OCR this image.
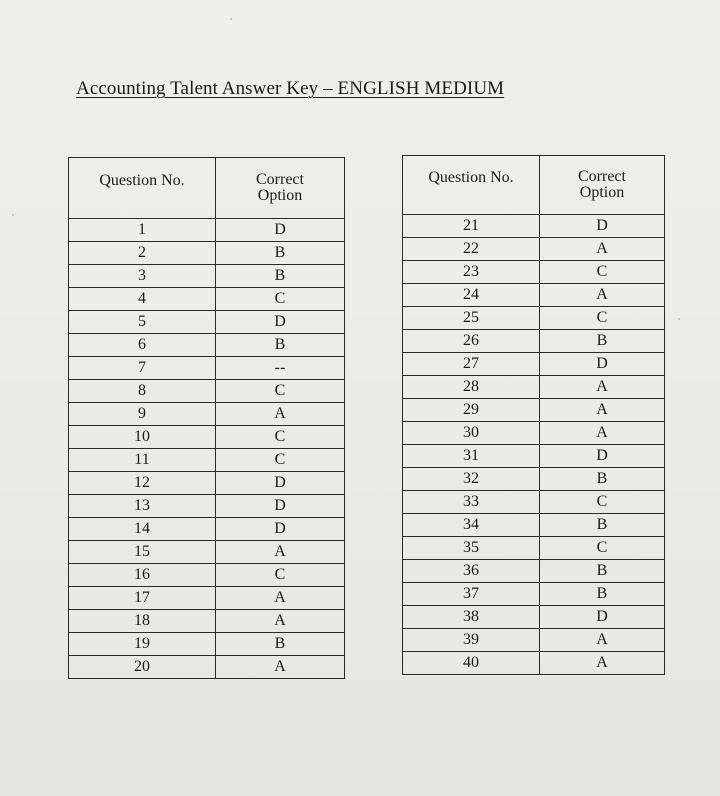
Accounting Talent Answer Key – ENGLISH MEDIUM
Question No.	Correct
Option
1	D
2	B
3	B
4	C
5	D
6	B
7	--
8	C
9	A
10	C
11	C
12	D
13	D
14	D
15	A
16	C
17	A
18	A
19	B
20	A
Question No.	Correct
Option
21	D
22	A
23	C
24	A
25	C
26	B
27	D
28	A
29	A
30	A
31	D
32	B
33	C
34	B
35	C
36	B
37	B
38	D
39	A
40	A
